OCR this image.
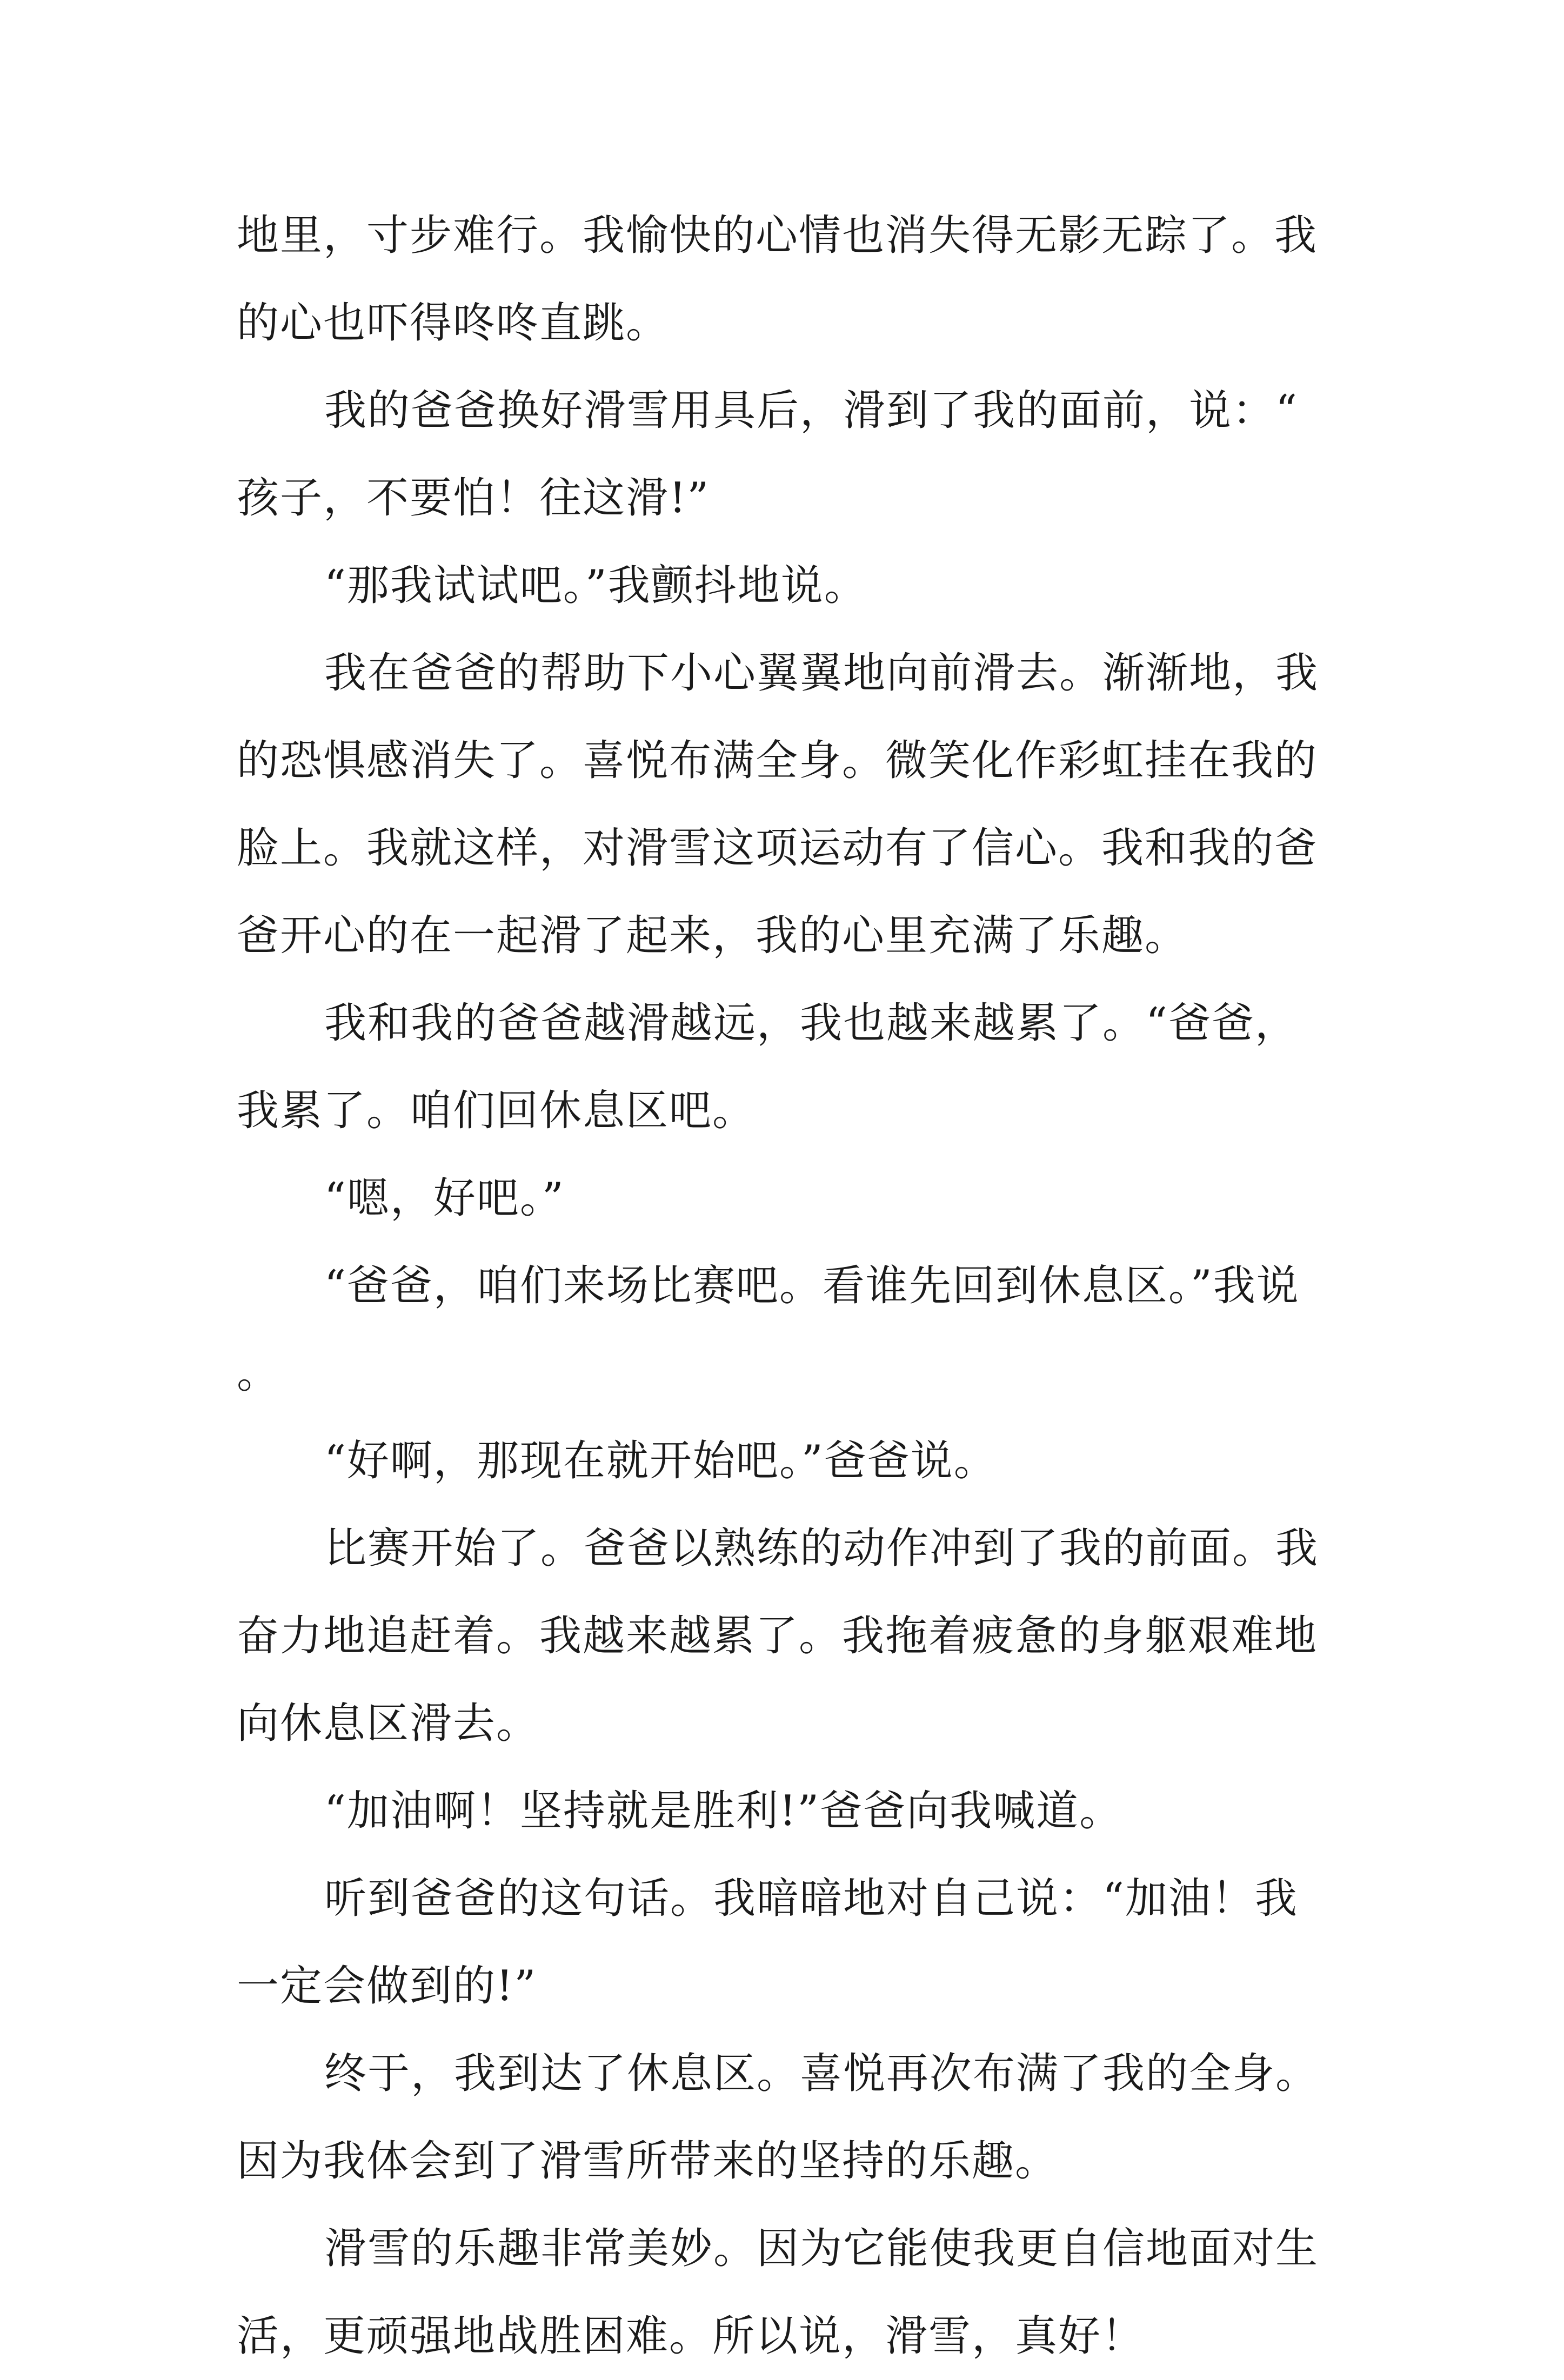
地里，寸步难行。我愉快的心情也消失得无影无踪了。我的心也吓得咚咚直跳。

我的爸爸换好滑雪用具后，滑到了我的面前，说：“孩子，不要怕！往这滑!”

“那我试试吧。”我颤抖地说。

我在爸爸的帮助下小心翼翼地向前滑去。渐渐地，我的恐惧感消失了。喜悦布满全身。微笑化作彩虹挂在我的脸上。我就这样，对滑雪这项运动有了信心。我和我的爸爸开心的在一起滑了起来，我的心里充满了乐趣。

我和我的爸爸越滑越远，我也越来越累了。“爸爸，我累了。咱们回休息区吧。

“嗯，好吧。”

“爸爸，咱们来场比赛吧。看谁先回到休息区。”我说。

“好啊，那现在就开始吧。”爸爸说。

比赛开始了。爸爸以熟练的动作冲到了我的前面。我奋力地追赶着。我越来越累了。我拖着疲惫的身躯艰难地向休息区滑去。

“加油啊！坚持就是胜利!”爸爸向我喊道。

听到爸爸的这句话。我暗暗地对自己说：“加油！我一定会做到的!”

终于，我到达了休息区。喜悦再次布满了我的全身。因为我体会到了滑雪所带来的坚持的乐趣。

滑雪的乐趣非常美妙。因为它能使我更自信地面对生活，更顽强地战胜困难。所以说，滑雪，真好！
